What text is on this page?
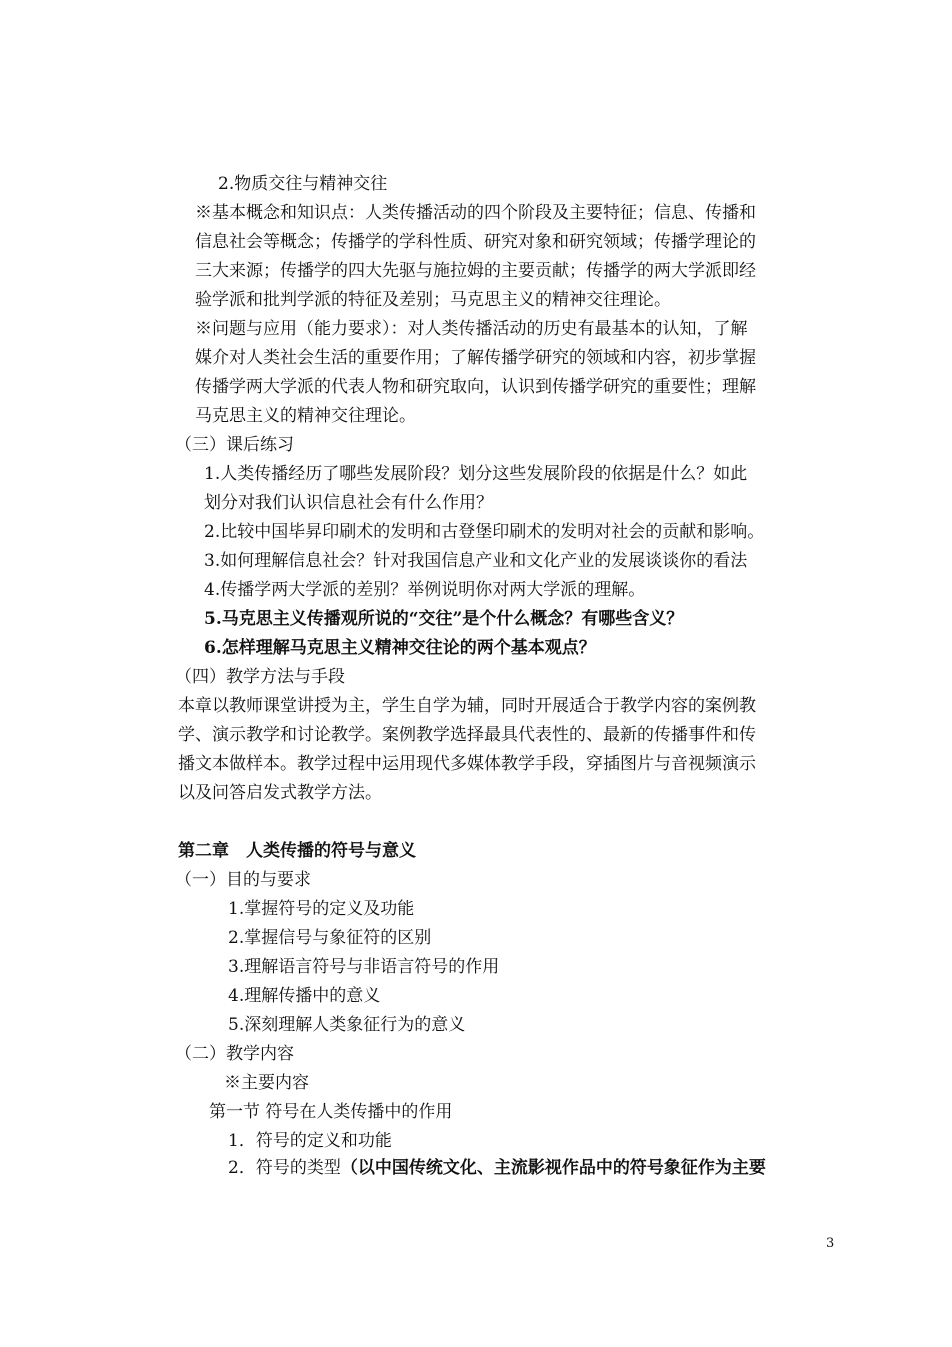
2.物质交往与精神交往
※基本概念和知识点：人类传播活动的四个阶段及主要特征；信息、传播和
信息社会等概念；传播学的学科性质、研究对象和研究领域；传播学理论的
三大来源；传播学的四大先驱与施拉姆的主要贡献；传播学的两大学派即经
验学派和批判学派的特征及差别；马克思主义的精神交往理论。
※问题与应用（能力要求）：对人类传播活动的历史有最基本的认知，了解
媒介对人类社会生活的重要作用；了解传播学研究的领域和内容，初步掌握
传播学两大学派的代表人物和研究取向，认识到传播学研究的重要性；理解
马克思主义的精神交往理论。
（三）课后练习
1.人类传播经历了哪些发展阶段？划分这些发展阶段的依据是什么？如此
划分对我们认识信息社会有什么作用？
2.比较中国毕昇印刷术的发明和古登堡印刷术的发明对社会的贡献和影响。
3.如何理解信息社会？针对我国信息产业和文化产业的发展谈谈你的看法
4.传播学两大学派的差别？举例说明你对两大学派的理解。
5.马克思主义传播观所说的“交往”是个什么概念？有哪些含义？
6.怎样理解马克思主义精神交往论的两个基本观点？
（四）教学方法与手段
本章以教师课堂讲授为主，学生自学为辅，同时开展适合于教学内容的案例教
学、演示教学和讨论教学。案例教学选择最具代表性的、最新的传播事件和传
播文本做样本。教学过程中运用现代多媒体教学手段，穿插图片与音视频演示
以及问答启发式教学方法。
第二章　人类传播的符号与意义
（一）目的与要求
1.掌握符号的定义及功能
2.掌握信号与象征符的区别
3.理解语言符号与非语言符号的作用
4.理解传播中的意义
5.深刻理解人类象征行为的意义
（二）教学内容
※主要内容
第一节 符号在人类传播中的作用
1．符号的定义和功能
2．符号的类型（以中国传统文化、主流影视作品中的符号象征作为主要
3
